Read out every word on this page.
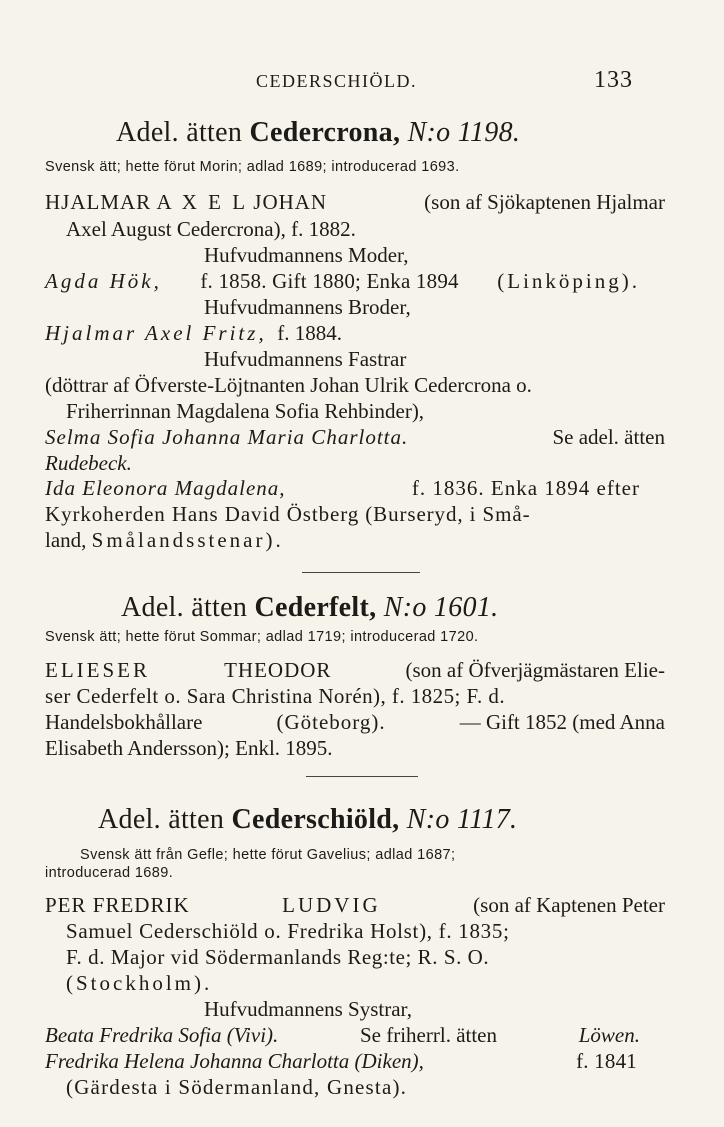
CEDERSCHIÖLD.	133
Adel. ätten Cedercrona, N:o 1198.
Svensk ätt; hette förut Morin; adlad 1689; introducerad 1693.
HJALMAR A X E L JOHAN	(son af Sjökaptenen Hjalmar
Axel August Cedercrona), f. 1882.
Hufvudmannens Moder,
Agda Hök, f. 1858. Gift 1880; Enka 1894 (Linköping).
Hufvudmannens Broder,
Hjalmar Axel Fritz, f. 1884.
Hufvudmannens Fastrar
(döttrar af Öfverste-Löjtnanten Johan Ulrik Cedercrona o.
Friherrinnan Magdalena Sofia Rehbinder),
Selma Sofia Johanna Maria Charlotta.	Se adel. ätten
Rudebeck.
Ida Eleonora Magdalena,	f. 1836. Enka 1894 efter
Kyrkoherden Hans David Östberg (Burseryd, i Små-
land, Smålandsstenar).
Adel. ätten Cederfelt, N:o 1601.
Svensk ätt; hette förut Sommar; adlad 1719; introducerad 1720.
ELIESER	THEODOR	(son af Öfverjägmästaren Elie-
ser Cederfelt o. Sara Christina Norén), f. 1825; F. d.
Handelsbokhållare	(Göteborg).	— Gift 1852 (med Anna
Elisabeth Andersson); Enkl. 1895.
Adel. ätten Cederschiöld, N:o 1117.
Svensk ätt från Gefle; hette förut Gavelius; adlad 1687;
introducerad 1689.
PER FREDRIK	LUDVIG	(son af Kaptenen Peter
Samuel Cederschiöld o. Fredrika Holst), f. 1835;
F. d. Major vid Södermanlands Reg:te; R. S. O.
(Stockholm).
Hufvudmannens Systrar,
Beata Fredrika Sofia (Vivi).	Se friherrl. ätten	Löwen.
Fredrika Helena Johanna Charlotta (Diken),	f. 1841
(Gärdesta i Södermanland, Gnesta).
